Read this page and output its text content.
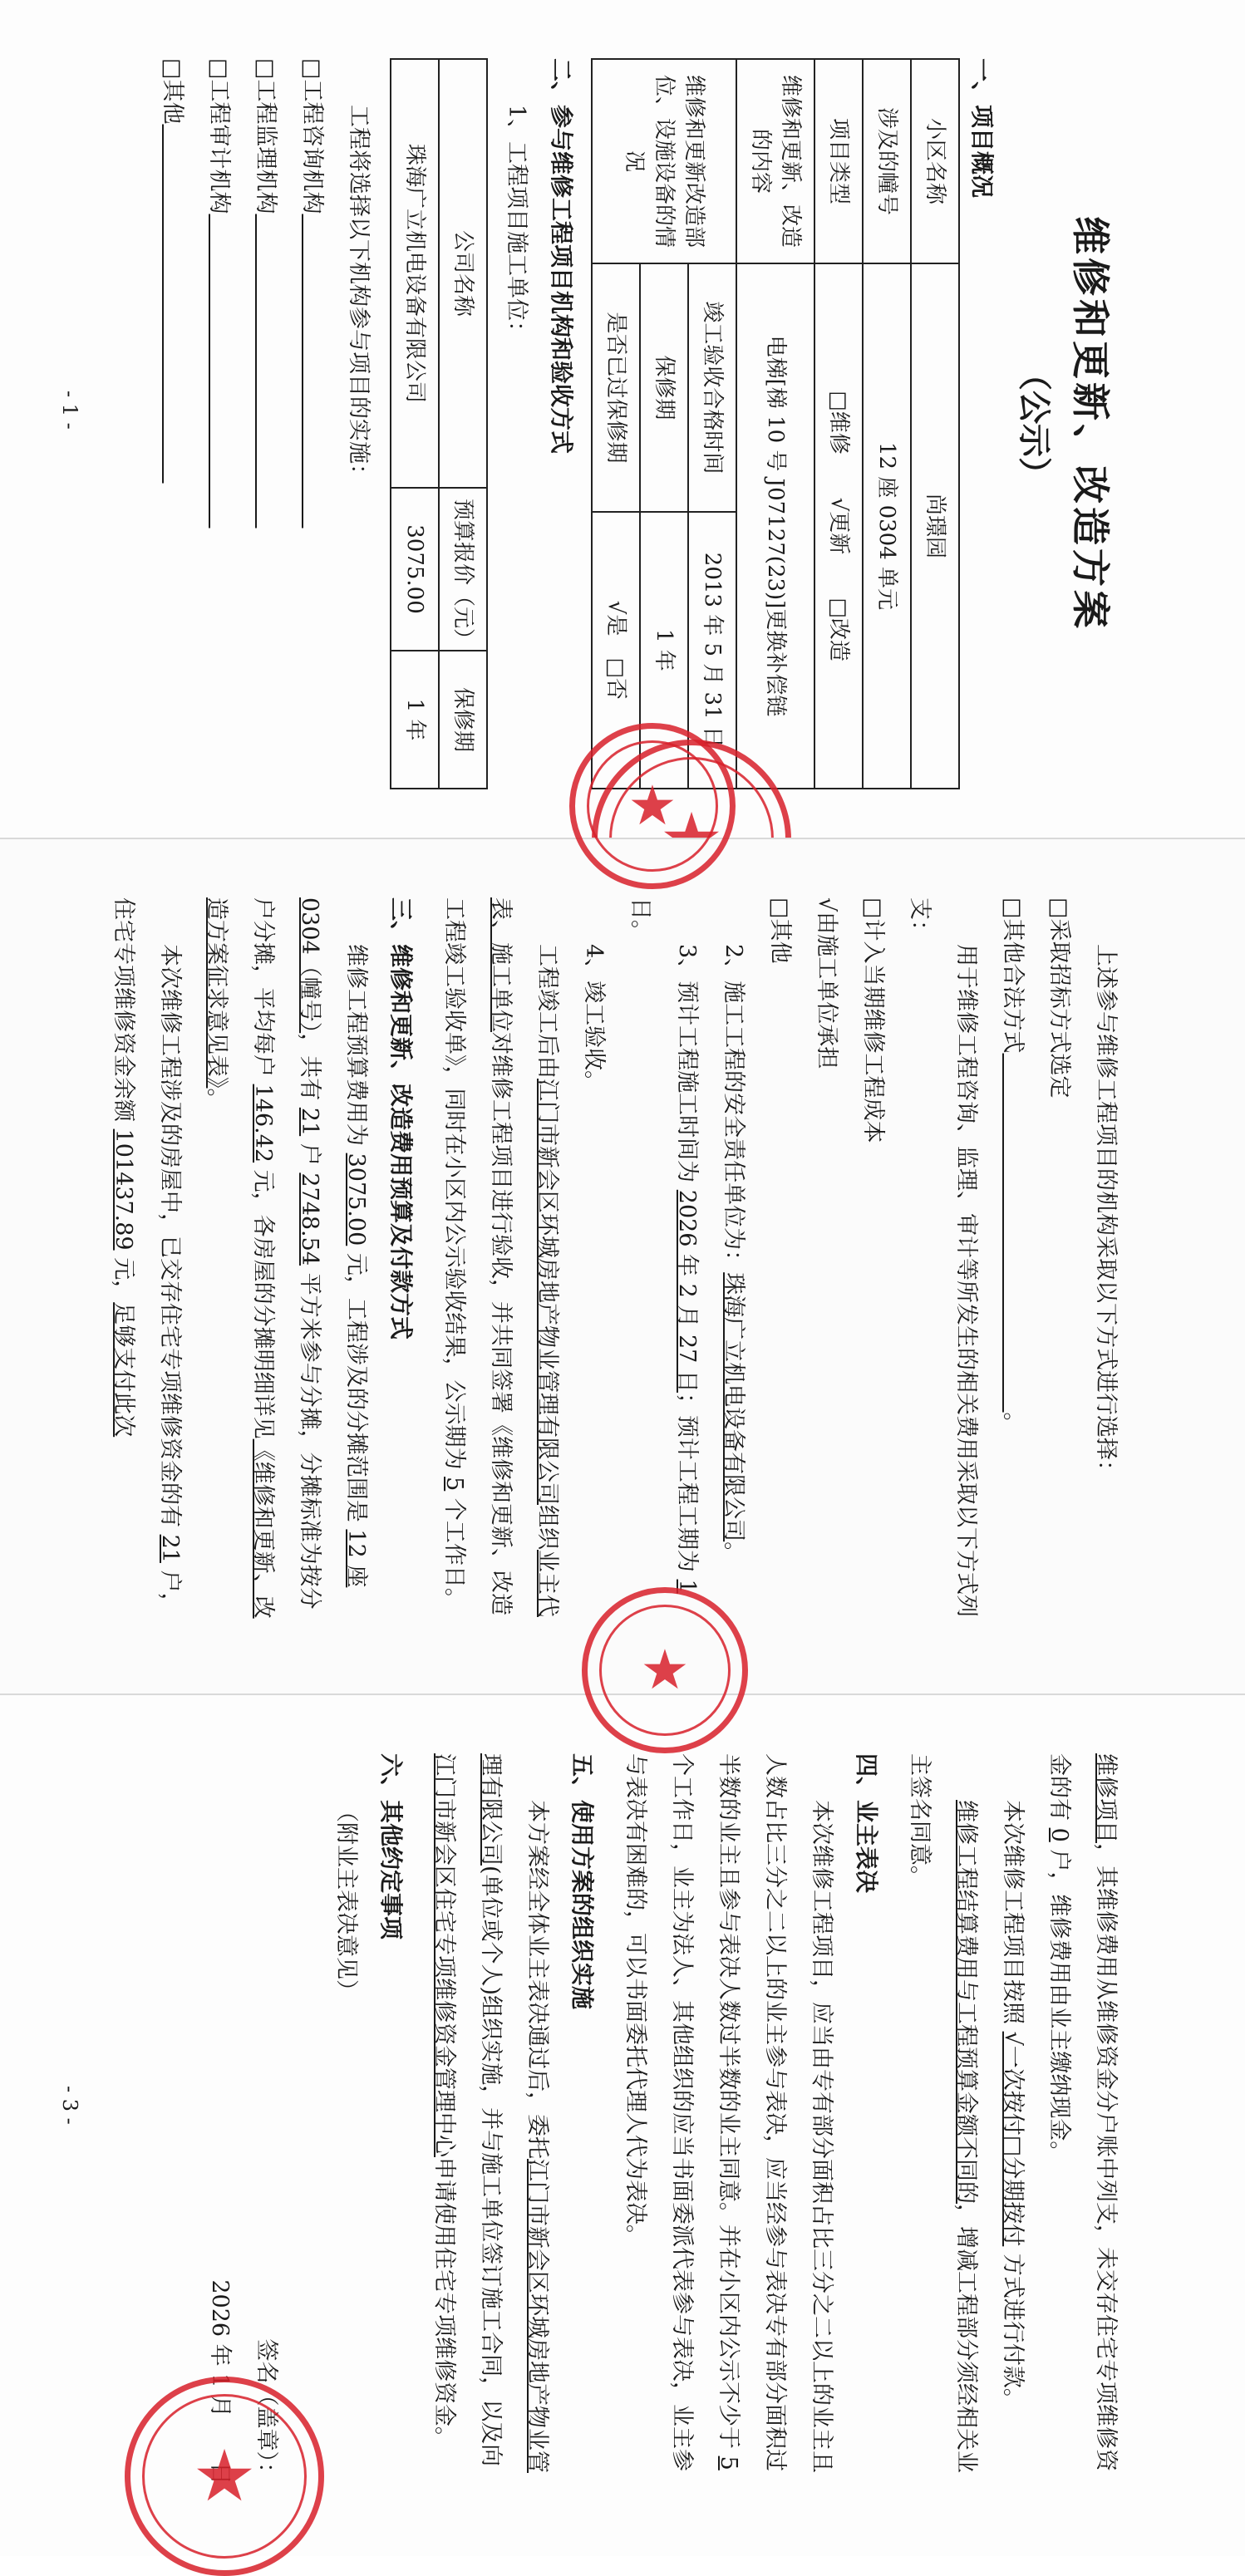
维修和更新、改造方案
（公示）
一、项目概况
小区名称	尚璟园	
涉及的幢号	12 座 0304 单元	
项目类型	□维修　　√更新　　□改造	
维修和更新、改造的内容	电梯[梯 10 号 J07127(23)]更换补偿链	
维修和更新改造部位、设施设备的情况	竣工验收合格时间	2013 年 5 月 31 日
	保修期	1 年
	是否已过保修期	√是　□否
二、参与维修工程项目机构和验收方式

1、工程项目施工单位：

公司名称	预算报价（元）	保修期
珠海广立机电设备有限公司	3075.00	1 年

工程将选择以下机构参与项目的实施：

□工程咨询机构　　　　　　　　　　　　　　

□工程监理机构　　　　　　　　　　　　　　

□工程审计机构　　　　　　　　　　　　　　

□其他　　　　　　　　　　　　　　　　

- 1 -

上述参与维修工程项目的机构采取以下方式进行选择：

□采取招标方式选定

□其他合法方式　　　　　　　　　　　　　　　　。

用于维修工程咨询、监理、审计等所发生的相关费用采取以下方式列支：

□计入当期维修工程成本

√由施工单位承担

□其他

2、施工工程的安全责任单位为：珠海广立机电设备有限公司。

3、预计工程施工时间为 2026 年 2 月 27 日；预计工程工期为 1 日。

4、竣工验收。

工程竣工后由江门市新会区环城房地产物业管理有限公司组织业主代表、施工单位对维修工程项目进行验收，并共同签署《维修和更新、改造工程竣工验收单》，同时在小区内公示验收结果，公示期为 5 个工作日。

三、维修和更新、改造费用预算及付款方式

维修工程预算费用为 3075.00 元，工程涉及的分摊范围是 12 座 0304（幢号），共有 21 户 2748.54 平方米参与分摊，分摊标准为按分户分摊，平均每户 146.42 元，各房屋的分摊明细详见《维修和更新、改造方案征求意见表》。

本次维修工程涉及的房屋中，已交存住宅专项维修资金的有 21 户，住宅专项维修资金余额 101437.89 元，足够支付此次

★

维修项目，其维修费用从维修资金分户账中列支，未交存住宅专项维修资金的有 0 户，维修费用由业主缴纳现金。

本次维修工程项目按照 √一次按付□分期按付 方式进行付款。

维修工程结算费用与工程预算金额不同的，增减工程部分须经相关业主签名同意。

四、业主表决

本次维修工程项目，应当由专有部分面积占比三分之二以上的业主且人数占比三分之二以上的业主参与表决，应当经参与表决专有部分面积过半数的业主且参与表决人数过半数的业主同意。并在小区内公示不少于 5 个工作日，业主为法人、其他组织的应当书面委派代表参与表决，业主参与表决有困难的，可以书面委托代理人代为表决。

五、使用方案的组织实施

本方案经全体业主表决通过后，委托江门市新会区环城房地产物业管理有限公司(单位或个人)组织实施，并与施工单位签订施工合同，以及向江门市新会区住宅专项维修资金管理中心申请使用住宅专项维修资金。

六、其他约定事项

（附业主表决意见）

签名（盖章）：

2026 年 1 月　　日

- 3 -
★
★
